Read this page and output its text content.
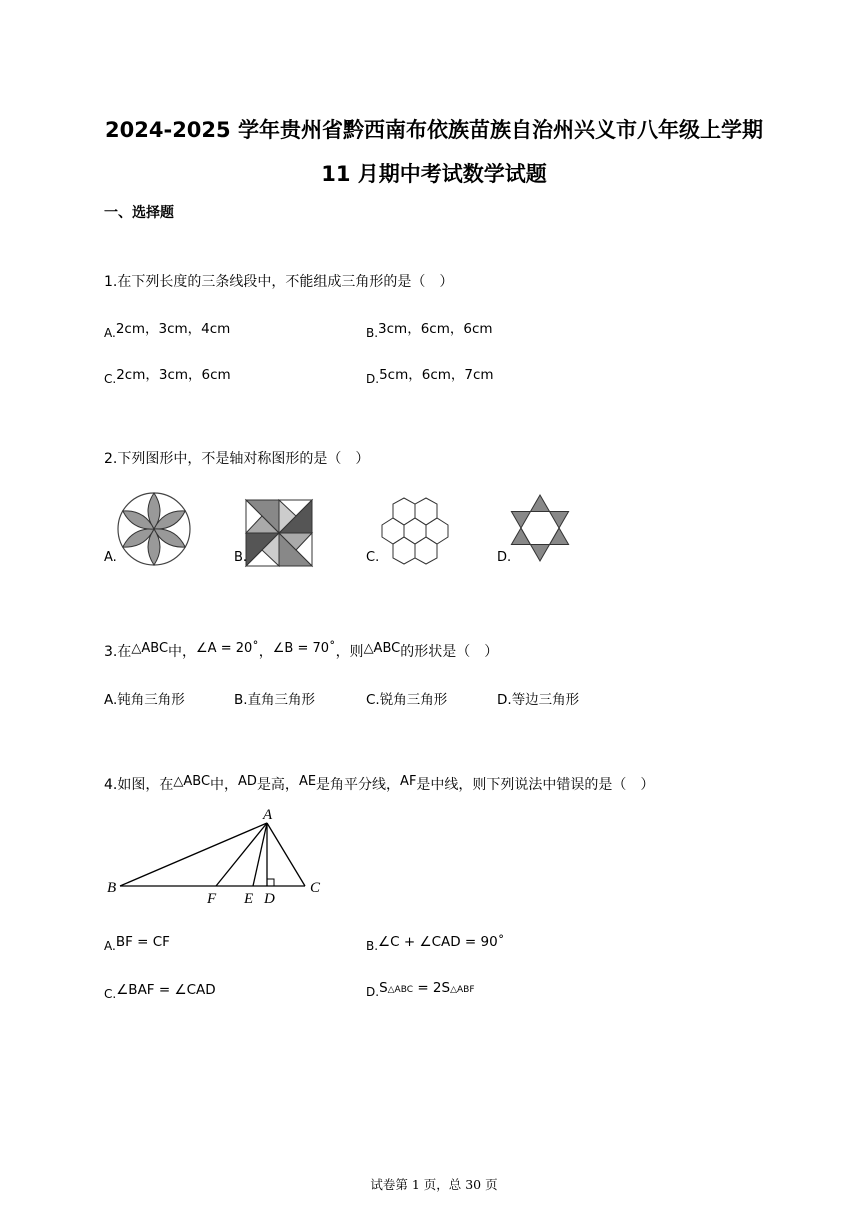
2024-2025 学年贵州省黔西南布依族苗族自治州兴义市八年级上学期
11 月期中考试数学试题
一、选择题
1.在下列长度的三条线段中，不能组成三角形的是（　）
A.2cm，3cm，4cm	B.3cm，6cm，6cm
C.2cm，3cm，6cm	D.5cm，6cm，7cm
2.下列图形中，不是轴对称图形的是（　）
A.	B.	C.	D.
3.在△ABC中，∠A = 20˚，∠B = 70˚，则△ABC的形状是（　）
A.钝角三角形	B.直角三角形	C.锐角三角形	D.等边三角形
4.如图，在△ABC中，AD是高，AE是角平分线，AF是中线，则下列说法中错误的是（　）
A
B	C
D
E
F
A.BF = CF	B.∠C + ∠CAD = 90˚
C.∠BAF = ∠CAD	D.S△ABC = 2S△ABF
试卷第 1 页，总 30 页
